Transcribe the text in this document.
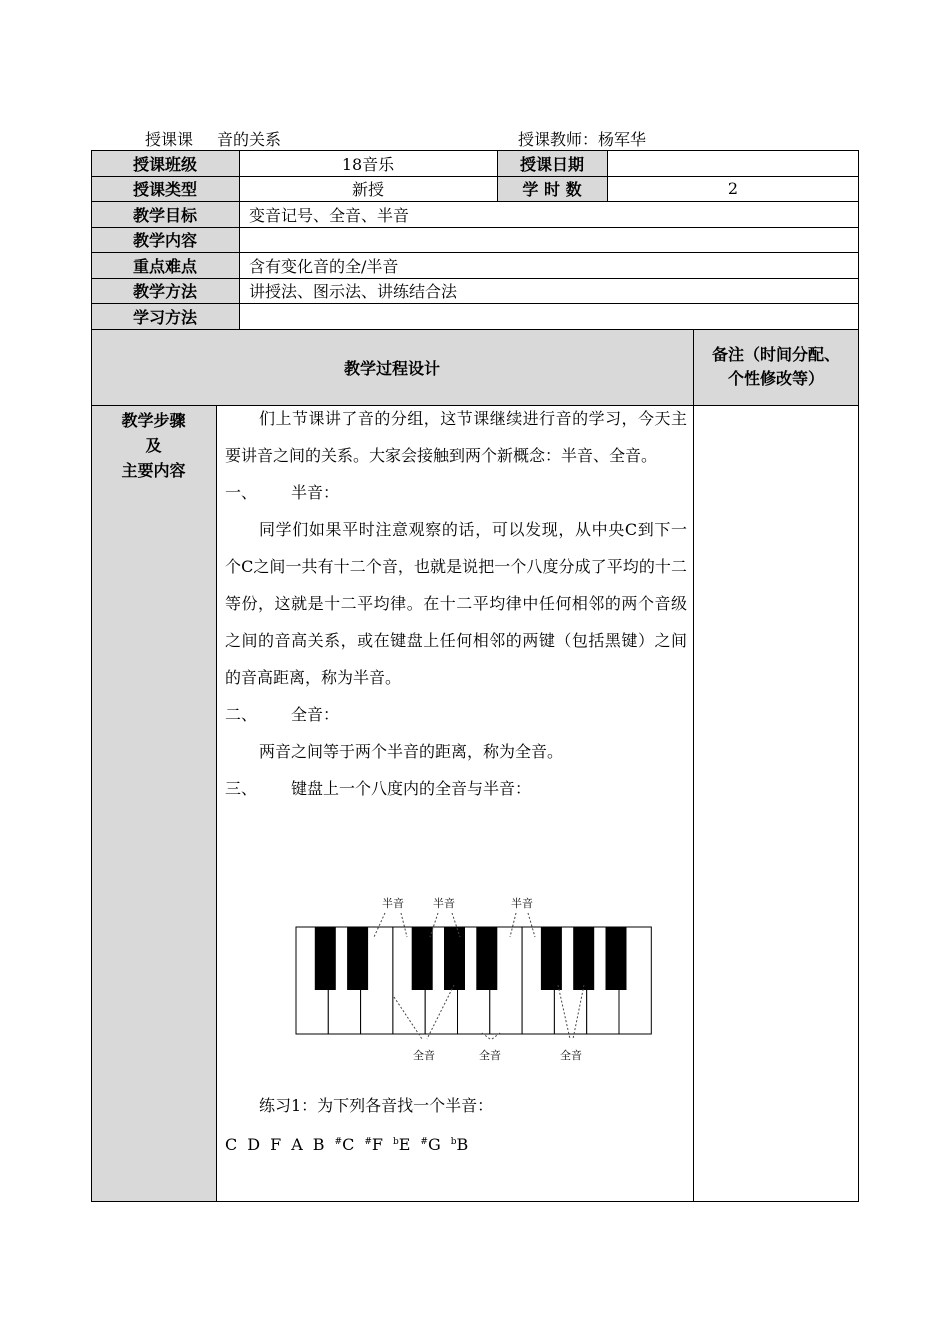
授课课 音的关系	授课教师：杨军华
授课班级	18音乐	授课日期
授课类型	新授	学 时 数	2
教学目标	变音记号、全音、半音
教学内容
重点难点	含有变化音的全/半音
教学方法	讲授法、图示法、讲练结合法
学习方法
教学过程设计
备注（时间分配、个性修改等）
教学步骤
及
主要内容

们上节课讲了音的分组，这节课继续进行音的学习，今天主要讲音之间的关系。大家会接触到两个新概念：半音、全音。

一、 半音：

同学们如果平时注意观察的话，可以发现，从中央C到下一个C之间一共有十二个音，也就是说把一个八度分成了平均的十二等份，这就是十二平均律。在十二平均律中任何相邻的两个音级之间的音高关系，或在键盘上任何相邻的两键（包括黑键）之间的音高距离，称为半音。

二、 全音：

两音之间等于两个半音的距离，称为全音。

三、 键盘上一个八度内的全音与半音：

半音	半音	半音
全音	全音	全音

练习1：为下列各音找一个半音：

C D F A B #C #F $^b$E #G $^b$B
